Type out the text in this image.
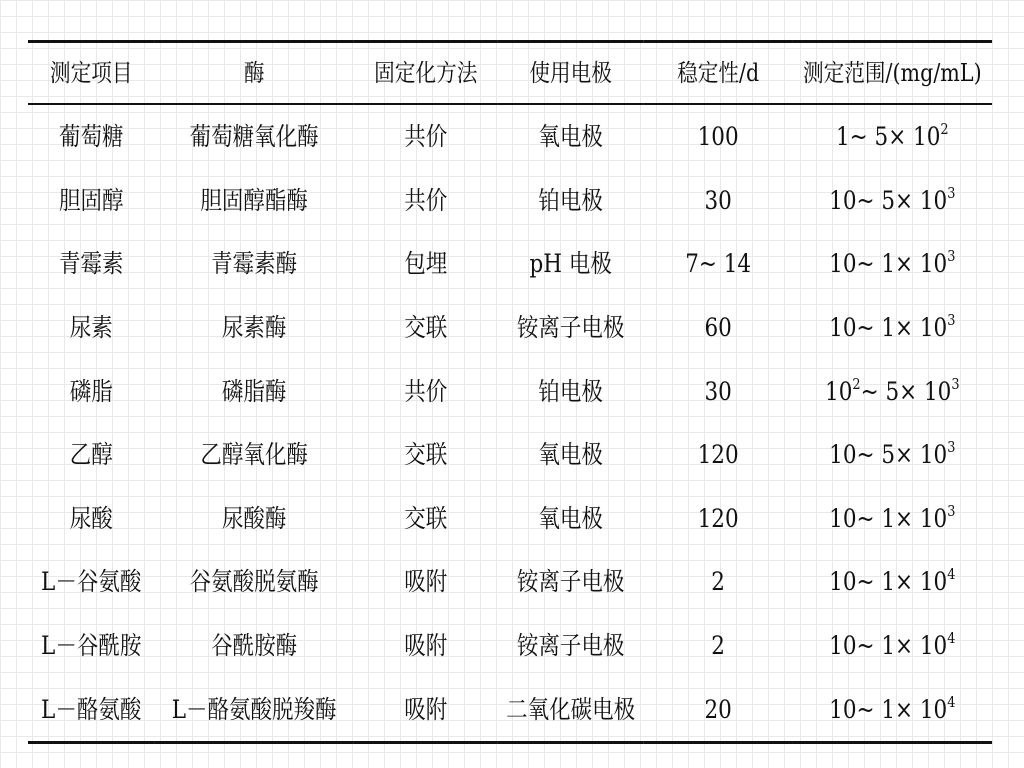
测定项目	酶	固定化方法	使用电极	稳定性/d	测定范围/(mg/mL)
葡萄糖	葡萄糖氧化酶	共价	氧电极	100	1~ $5\times 10^2$
胆固醇	胆固醇酯酶	共价	铂电极	30	10~ $5\times 10^3$
青霉素	青霉素酶	包埋	pH 电极	7~ 14	10~ $1\times 10^3$
尿素	尿素酶	交联	铵离子电极	60	10~ $1\times 10^3$
磷脂	磷脂酶	共价	铂电极	30	$10^2\sim$ $5\times 10^3$
乙醇	乙醇氧化酶	交联	氧电极	120	10~ $5\times 10^3$
尿酸	尿酸酶	交联	氧电极	120	10~ $1\times 10^3$
L－谷氨酸	谷氨酸脱氨酶	吸附	铵离子电极	2	10~ $1\times 10^4$
L－谷酰胺	谷酰胺酶	吸附	铵离子电极	2	10~ $1\times 10^4$
L－酪氨酸	L－酪氨酸脱羧酶	吸附	二氧化碳电极	20	10~ $1\times 10^4$
